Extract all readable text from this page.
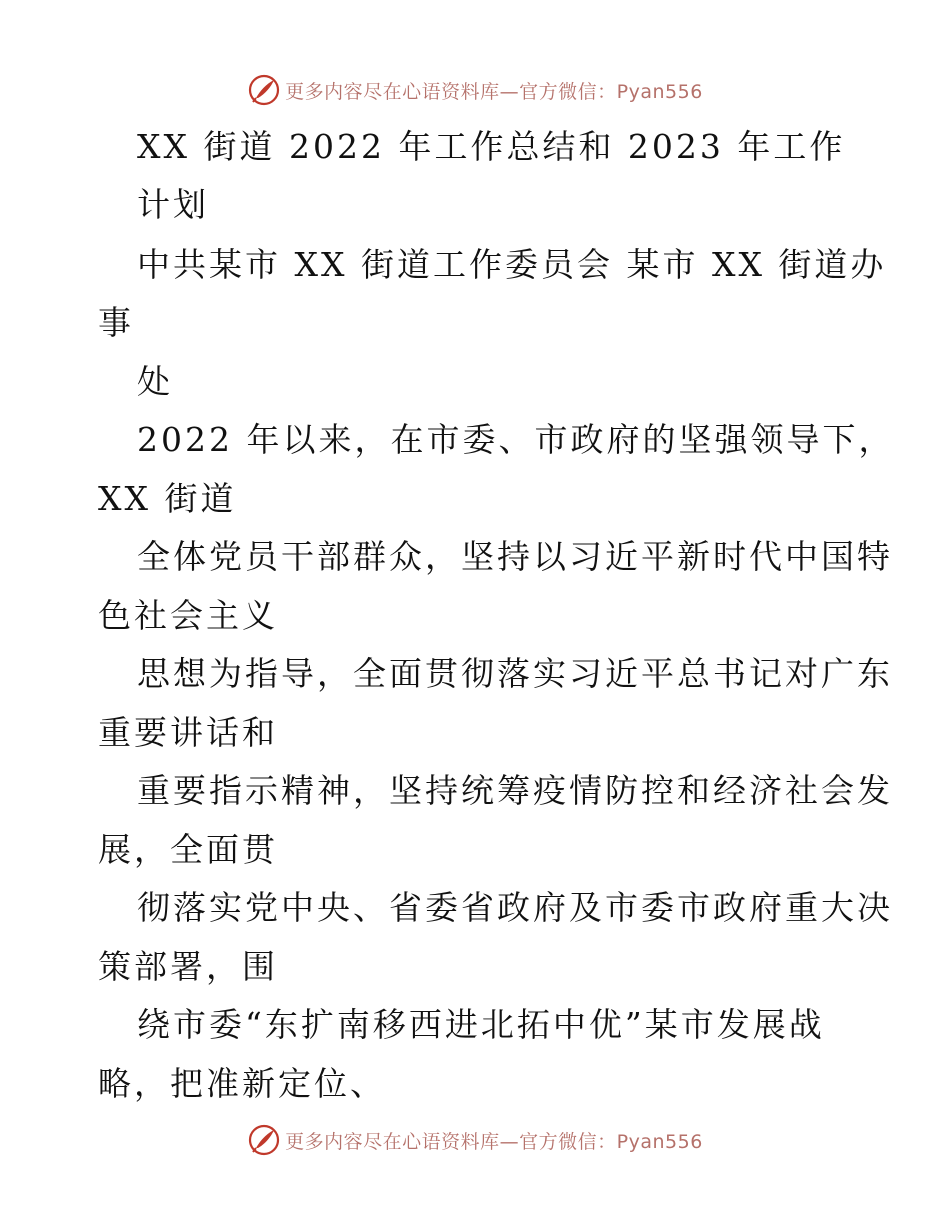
更多内容尽在心语资料库—官方微信：Pyan556
XX 街道 2022 年工作总结和 2023 年工作
计划
中共某市 XX 街道工作委员会 某市 XX 街道办
事
处
2022 年以来，在市委、市政府的坚强领导下，
XX 街道
全体党员干部群众，坚持以习近平新时代中国特
色社会主义
思想为指导，全面贯彻落实习近平总书记对广东
重要讲话和
重要指示精神，坚持统筹疫情防控和经济社会发
展，全面贯
彻落实党中央、省委省政府及市委市政府重大决
策部署，围
绕市委“东扩南移西进北拓中优”某市发展战
略，把准新定位、
更多内容尽在心语资料库—官方微信：Pyan556
